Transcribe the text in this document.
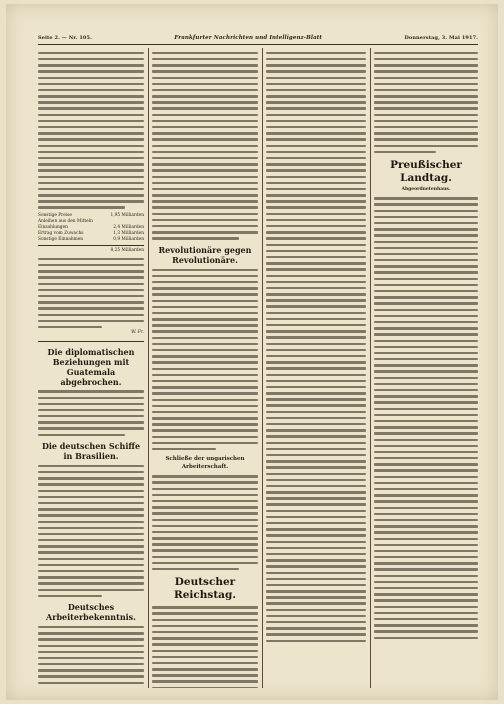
Seite 2. — Nr. 105.	Frankfurter Nachrichten und Intelligenz-Blatt	Donnerstag, 3. Mai 1917.
Sonstige Preise	1,95 Milliarden
Anleihen aus den Mitteln
Einzahlungen	2,4 Milliarden
Ertrag vom Zuwachs	1,3 Milliarden
Sonstige Einnahmen	0,9 Milliarden
8,25 Milliarden
W. Fr.
Die diplomatischen Beziehungen mit Guatemala abgebrochen.
Die deutschen Schiffe in Brasilien.
Deutsches Arbeiterbekenntnis.
Revolutionäre gegen Revolutionäre.
Schließe der ungarischen Arbeiterschaft.
Deutscher Reichstag.
Preußischer Landtag.
Abgeordnetenhaus.
